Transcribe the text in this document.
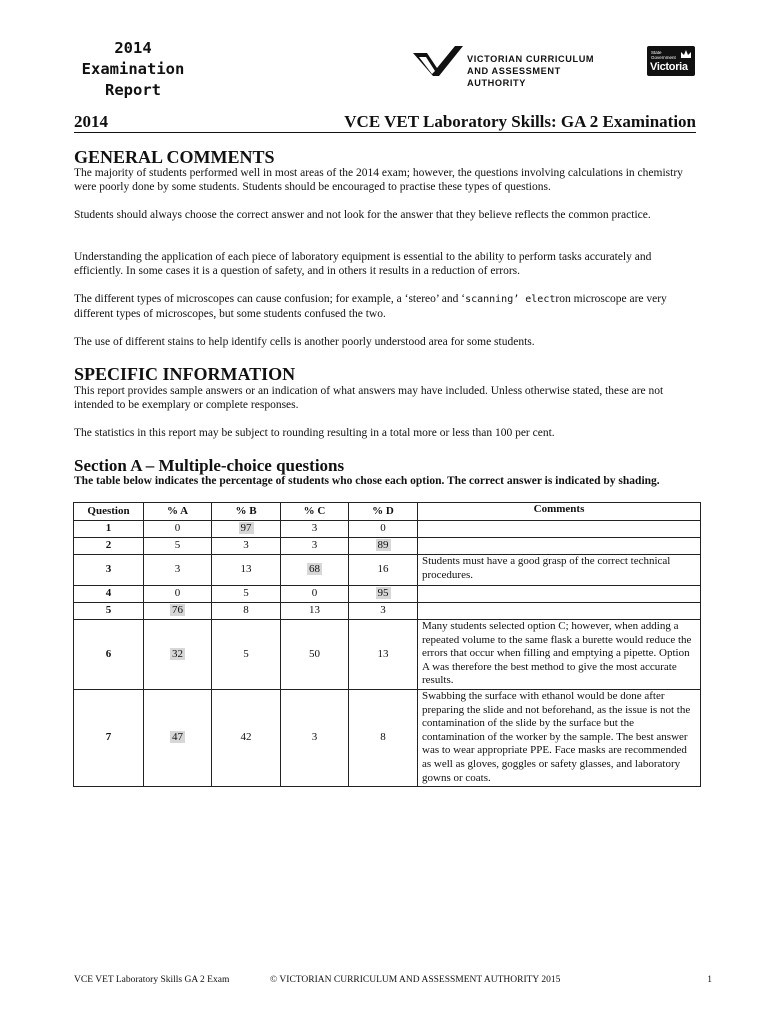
2014
Examination
Report
VICTORIAN CURRICULUM
AND ASSESSMENT AUTHORITY
State
Government
Victoria
2014	VCE VET Laboratory Skills: GA 2 Examination
GENERAL COMMENTS

The majority of students performed well in most areas of the 2014 exam; however, the questions involving calculations in chemistry were poorly done by some students. Students should be encouraged to practise these types of questions.

Students should always choose the correct answer and not look for the answer that they believe reflects the common practice.

Understanding the application of each piece of laboratory equipment is essential to the ability to perform tasks accurately and efficiently. In some cases it is a question of safety, and in others it results in a reduction of errors.

The different types of microscopes can cause confusion; for example, a ‘stereo’ and ‘scanning’ electron microscope are very different types of microscopes, but some students confused the two.

The use of different stains to help identify cells is another poorly understood area for some students.

SPECIFIC INFORMATION

This report provides sample answers or an indication of what answers may have included. Unless otherwise stated, these are not intended to be exemplary or complete responses.

The statistics in this report may be subject to rounding resulting in a total more or less than 100 per cent.

Section A – Multiple-choice questions

The table below indicates the percentage of students who chose each option. The correct answer is indicated by shading.

Question	% A	% B	% C	% D	Comments
1	0	97	3	0	
2	5	3	3	89	
3	3	13	68	16	Students must have a good grasp of the correct technical procedures.
4	0	5	0	95	
5	76	8	13	3	
6	32	5	50	13	Many students selected option C; however, when adding a repeated volume to the same flask a burette would reduce the errors that occur when filling and emptying a pipette. Option A was therefore the best method to give the most accurate results.
7	47	42	3	8	Swabbing the surface with ethanol would be done after preparing the slide and not beforehand, as the issue is not the contamination of the slide by the surface but the contamination of the worker by the sample. The best answer was to wear appropriate PPE. Face masks are recommended as well as gloves, goggles or safety glasses, and laboratory gowns or coats.
VCE VET Laboratory Skills GA 2 Exam	© VICTORIAN CURRICULUM AND ASSESSMENT AUTHORITY 2015	1
